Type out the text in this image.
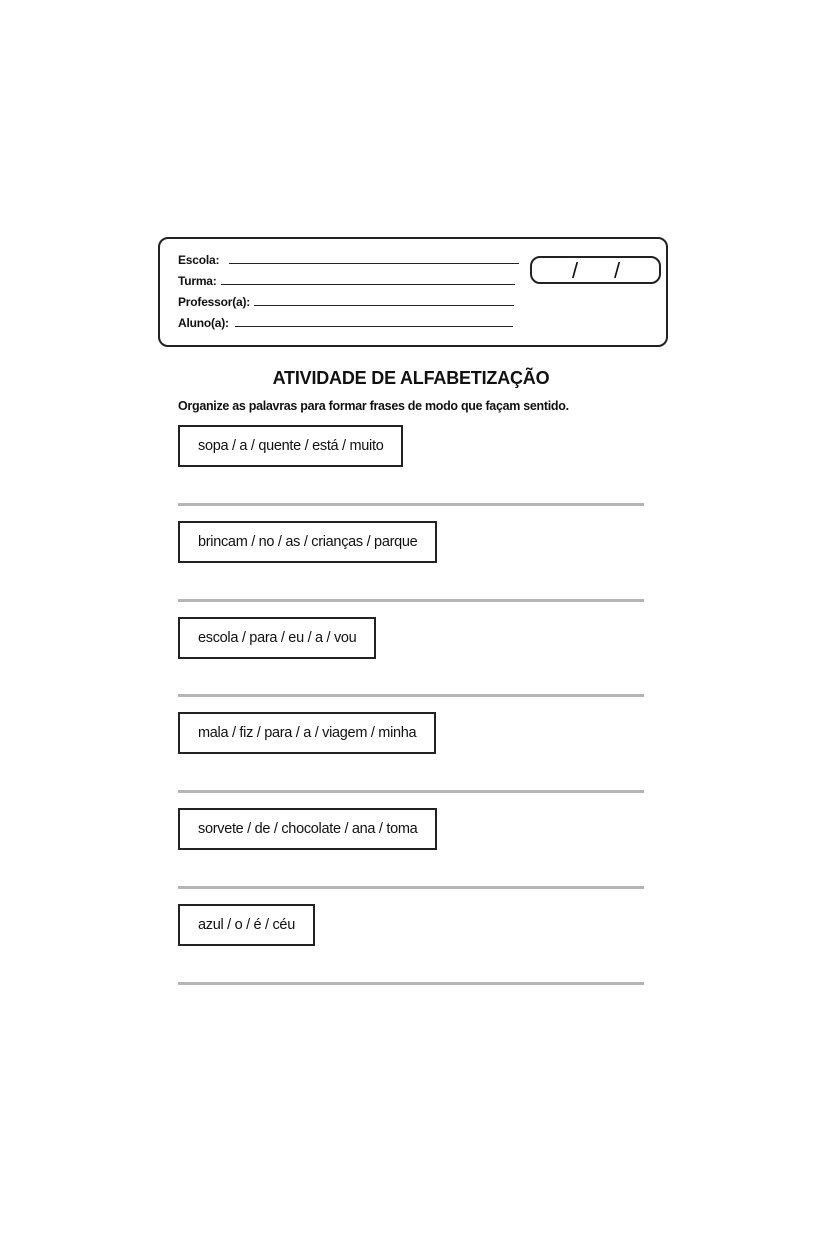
Escola:
Turma:
Professor(a):
Aluno(a):
/ /
ATIVIDADE DE ALFABETIZAÇÃO
Organize as palavras para formar frases de modo que façam sentido.
sopa / a / quente / está / muito
brincam / no / as / crianças / parque
escola / para / eu / a / vou
mala / fiz / para / a / viagem / minha
sorvete / de / chocolate / ana / toma
azul / o / é / céu
